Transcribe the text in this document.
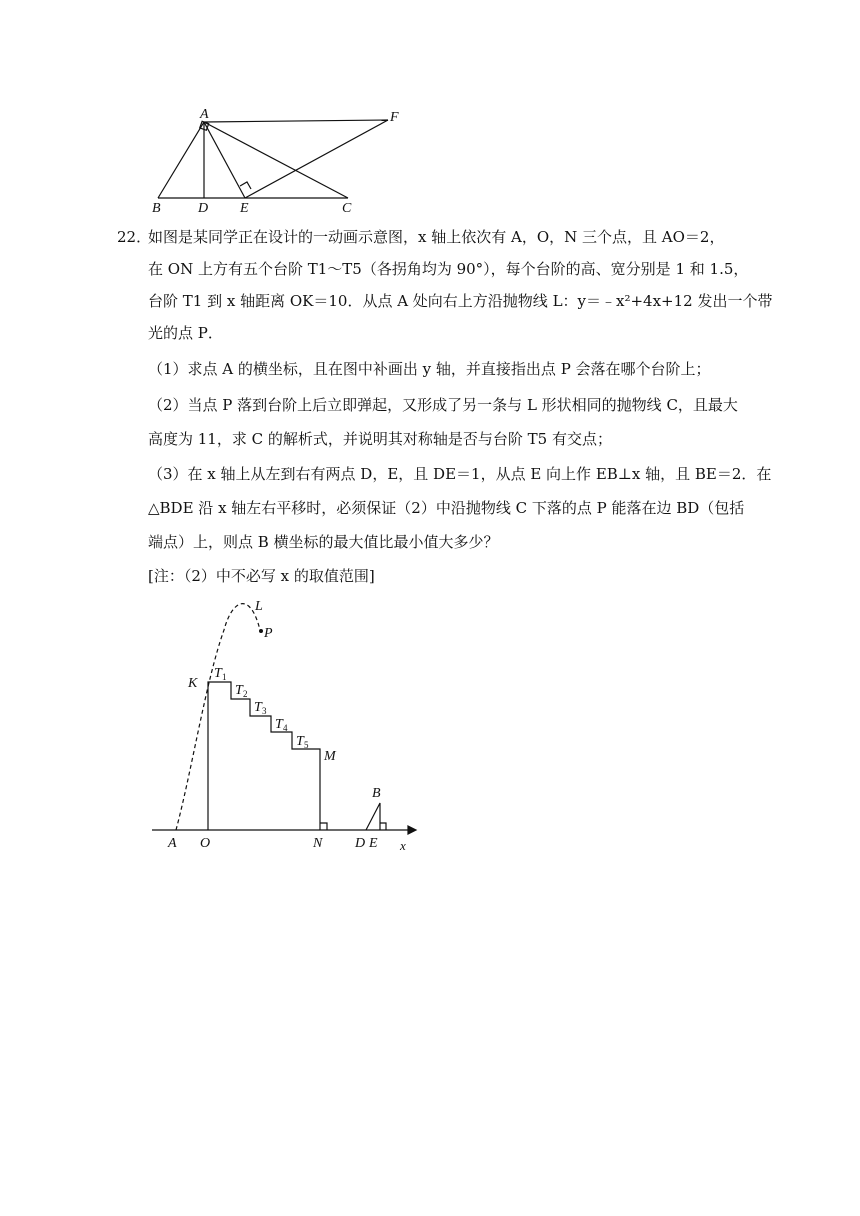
A	F
B	D E	C
22．
如图是某同学正在设计的一动画示意图，x 轴上依次有 A，O，N 三个点，且 AO＝2，
在 ON 上方有五个台阶 T1～T5（各拐角均为 90°），每个台阶的高、宽分别是 1 和 1.5，
台阶 T1 到 x 轴距离 OK＝10．从点 A 处向右上方沿抛物线 L：y＝﹣x²+4x+12 发出一个带
光的点 P．
（1）求点 A 的横坐标，且在图中补画出 y 轴，并直接指出点 P 会落在哪个台阶上；
（2）当点 P 落到台阶上后立即弹起，又形成了另一条与 L 形状相同的抛物线 C，且最大
高度为 11，求 C 的解析式，并说明其对称轴是否与台阶 T5 有交点；
（3）在 x 轴上从左到右有两点 D，E，且 DE＝1，从点 E 向上作 EB⊥x 轴，且 BE＝2．在
△BDE 沿 x 轴左右平移时，必须保证（2）中沿抛物线 C 下落的点 P 能落在边 BD（包括
端点）上，则点 B 横坐标的最大值比最小值大多少？
[注：（2）中不必写 x 的取值范围]
L
P
K
T 1
T 2
T 3
T 4
T 5
M
B
A O	N D E x
